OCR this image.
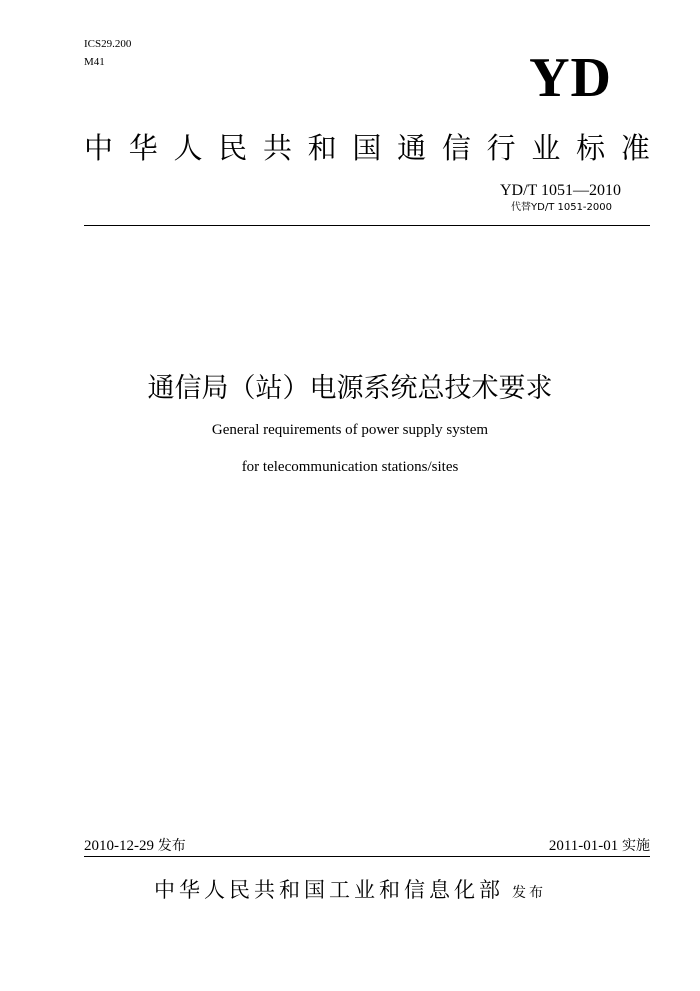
ICS29.200
M41	YD
中 华 人 民 共 和 国 通 信 行 业 标 准
YD/T 1051—2010
代替YD/T 1051-2000
通信局（站）电源系统总技术要求
General requirements of power supply system
for telecommunication stations/sites
2010-12-29 发布	2011-01-01 实施
中华人民共和国工业和信息化部 发布
